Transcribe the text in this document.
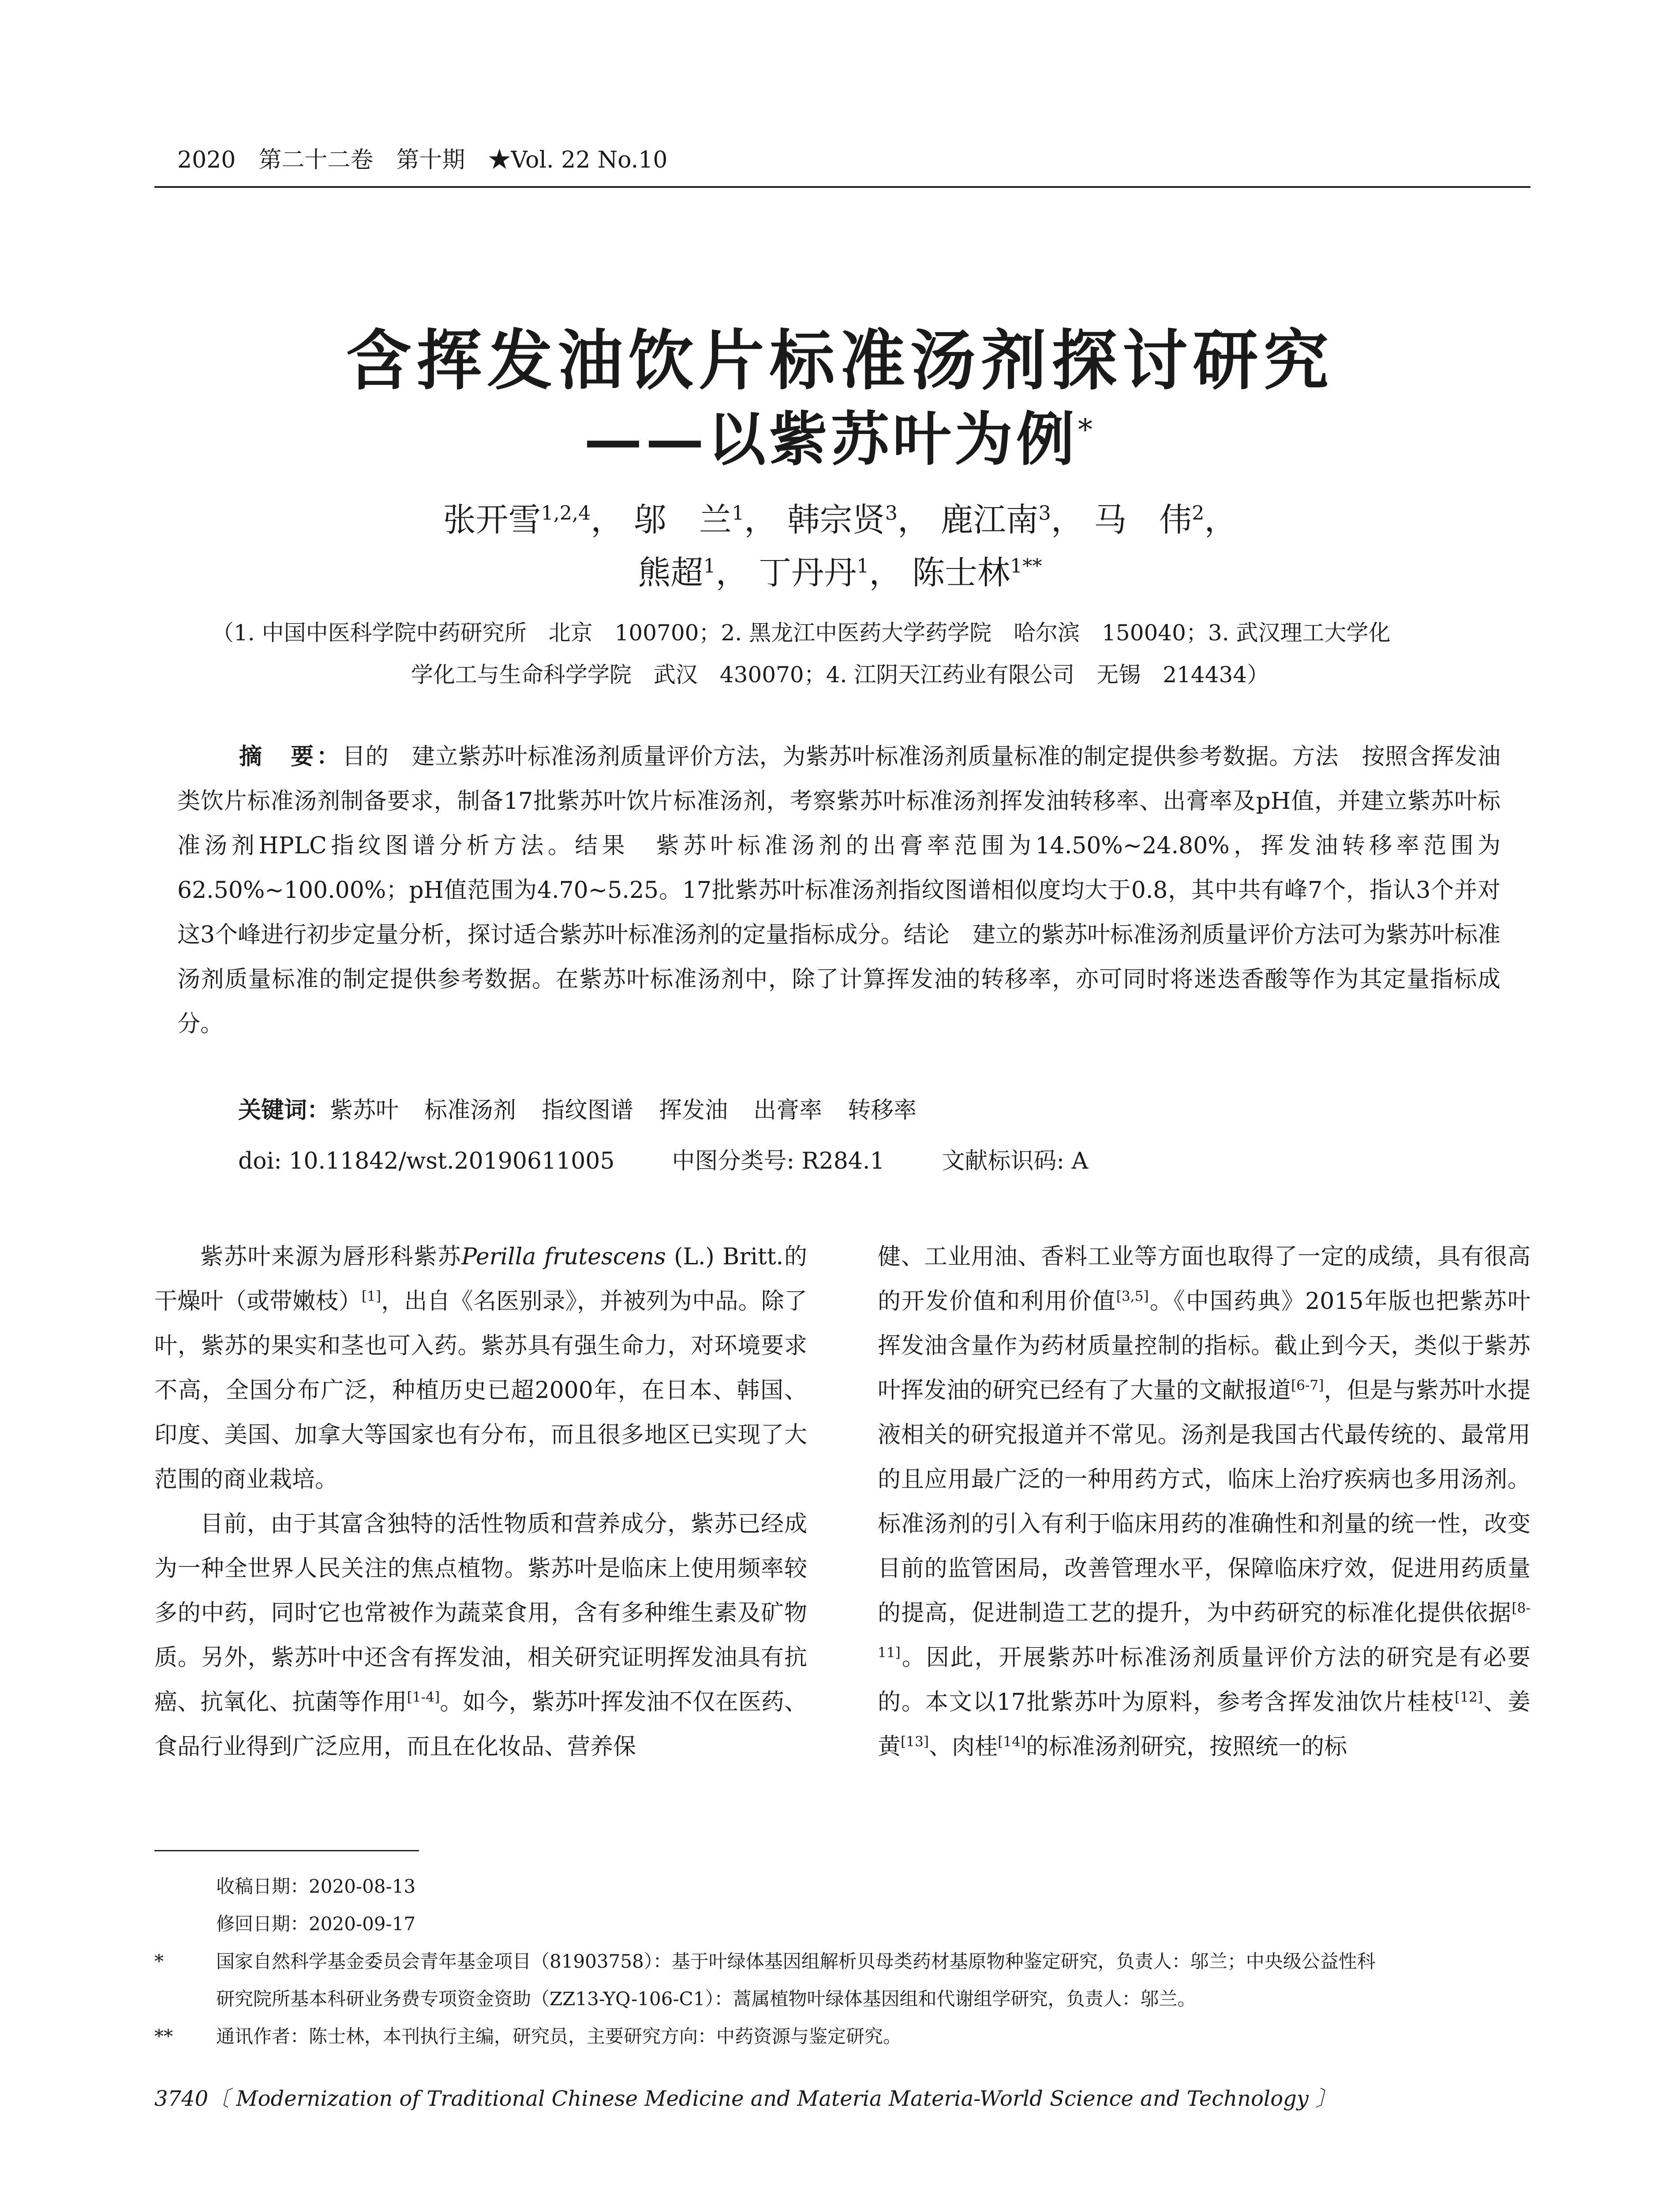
2020　第二十二卷　第十期　★Vol. 22 No.10
含挥发油饮片标准汤剂探讨研究
——以紫苏叶为例*
张开雪$^{1,2,4}$， 邬　兰$^1$， 韩宗贤$^3$， 鹿江南$^3$， 马　伟$^2$，
熊超$^1$， 丁丹丹$^1$， 陈士林$^{1**}$
（1. 中国中医科学院中药研究所　北京　100700；2. 黑龙江中医药大学药学院　哈尔滨　150040；3. 武汉理工大学化
学化工与生命科学学院　武汉　430070；4. 江阴天江药业有限公司　无锡　214434）
摘　要：目的　建立紫苏叶标准汤剂质量评价方法，为紫苏叶标准汤剂质量标准的制定提供参考数据。方法　按照含挥发油类饮片标准汤剂制备要求，制备17批紫苏叶饮片标准汤剂，考察紫苏叶标准汤剂挥发油转移率、出膏率及pH值，并建立紫苏叶标准汤剂HPLC指纹图谱分析方法。结果　紫苏叶标准汤剂的出膏率范围为14.50%~24.80%，挥发油转移率范围为62.50%~100.00%；pH值范围为4.70~5.25。17批紫苏叶标准汤剂指纹图谱相似度均大于0.8，其中共有峰7个，指认3个并对这3个峰进行初步定量分析，探讨适合紫苏叶标准汤剂的定量指标成分。结论　建立的紫苏叶标准汤剂质量评价方法可为紫苏叶标准汤剂质量标准的制定提供参考数据。在紫苏叶标准汤剂中，除了计算挥发油的转移率，亦可同时将迷迭香酸等作为其定量指标成分。
关键词：紫苏叶 标准汤剂 指纹图谱 挥发油 出膏率 转移率
doi: 10.11842/wst.20190611005	中图分类号: R284.1	文献标识码: A

紫苏叶来源为唇形科紫苏Perilla frutescens (L.) Britt.的干燥叶（或带嫩枝）[1]，出自《名医别录》，并被列为中品。除了叶，紫苏的果实和茎也可入药。紫苏具有强生命力，对环境要求不高，全国分布广泛，种植历史已超2000年，在日本、韩国、印度、美国、加拿大等国家也有分布，而且很多地区已实现了大范围的商业栽培。

目前，由于其富含独特的活性物质和营养成分，紫苏已经成为一种全世界人民关注的焦点植物。紫苏叶是临床上使用频率较多的中药，同时它也常被作为蔬菜食用，含有多种维生素及矿物质。另外，紫苏叶中还含有挥发油，相关研究证明挥发油具有抗癌、抗氧化、抗菌等作用[1-4]。如今，紫苏叶挥发油不仅在医药、食品行业得到广泛应用，而且在化妆品、营养保

健、工业用油、香料工业等方面也取得了一定的成绩，具有很高的开发价值和利用价值[3,5]。《中国药典》2015年版也把紫苏叶挥发油含量作为药材质量控制的指标。截止到今天，类似于紫苏叶挥发油的研究已经有了大量的文献报道[6-7]，但是与紫苏叶水提液相关的研究报道并不常见。汤剂是我国古代最传统的、最常用的且应用最广泛的一种用药方式，临床上治疗疾病也多用汤剂。标准汤剂的引入有利于临床用药的准确性和剂量的统一性，改变目前的监管困局，改善管理水平，保障临床疗效，促进用药质量的提高，促进制造工艺的提升，为中药研究的标准化提供依据[8-11]。因此，开展紫苏叶标准汤剂质量评价方法的研究是有必要的。本文以17批紫苏叶为原料，参考含挥发油饮片桂枝[12]、姜黄[13]、肉桂[14]的标准汤剂研究，按照统一的标

收稿日期：2020-08-13
修回日期：2020-09-17
*	国家自然科学基金委员会青年基金项目（81903758）：基于叶绿体基因组解析贝母类药材基原物种鉴定研究，负责人：邬兰；中央级公益性科
研究院所基本科研业务费专项资金资助（ZZ13-YQ-106-C1）：蒿属植物叶绿体基因组和代谢组学研究，负责人：邬兰。
** 通讯作者：陈士林，本刊执行主编，研究员，主要研究方向：中药资源与鉴定研究。
3740〔 Modernization of Traditional Chinese Medicine and Materia Materia-World Science and Technology 〕
